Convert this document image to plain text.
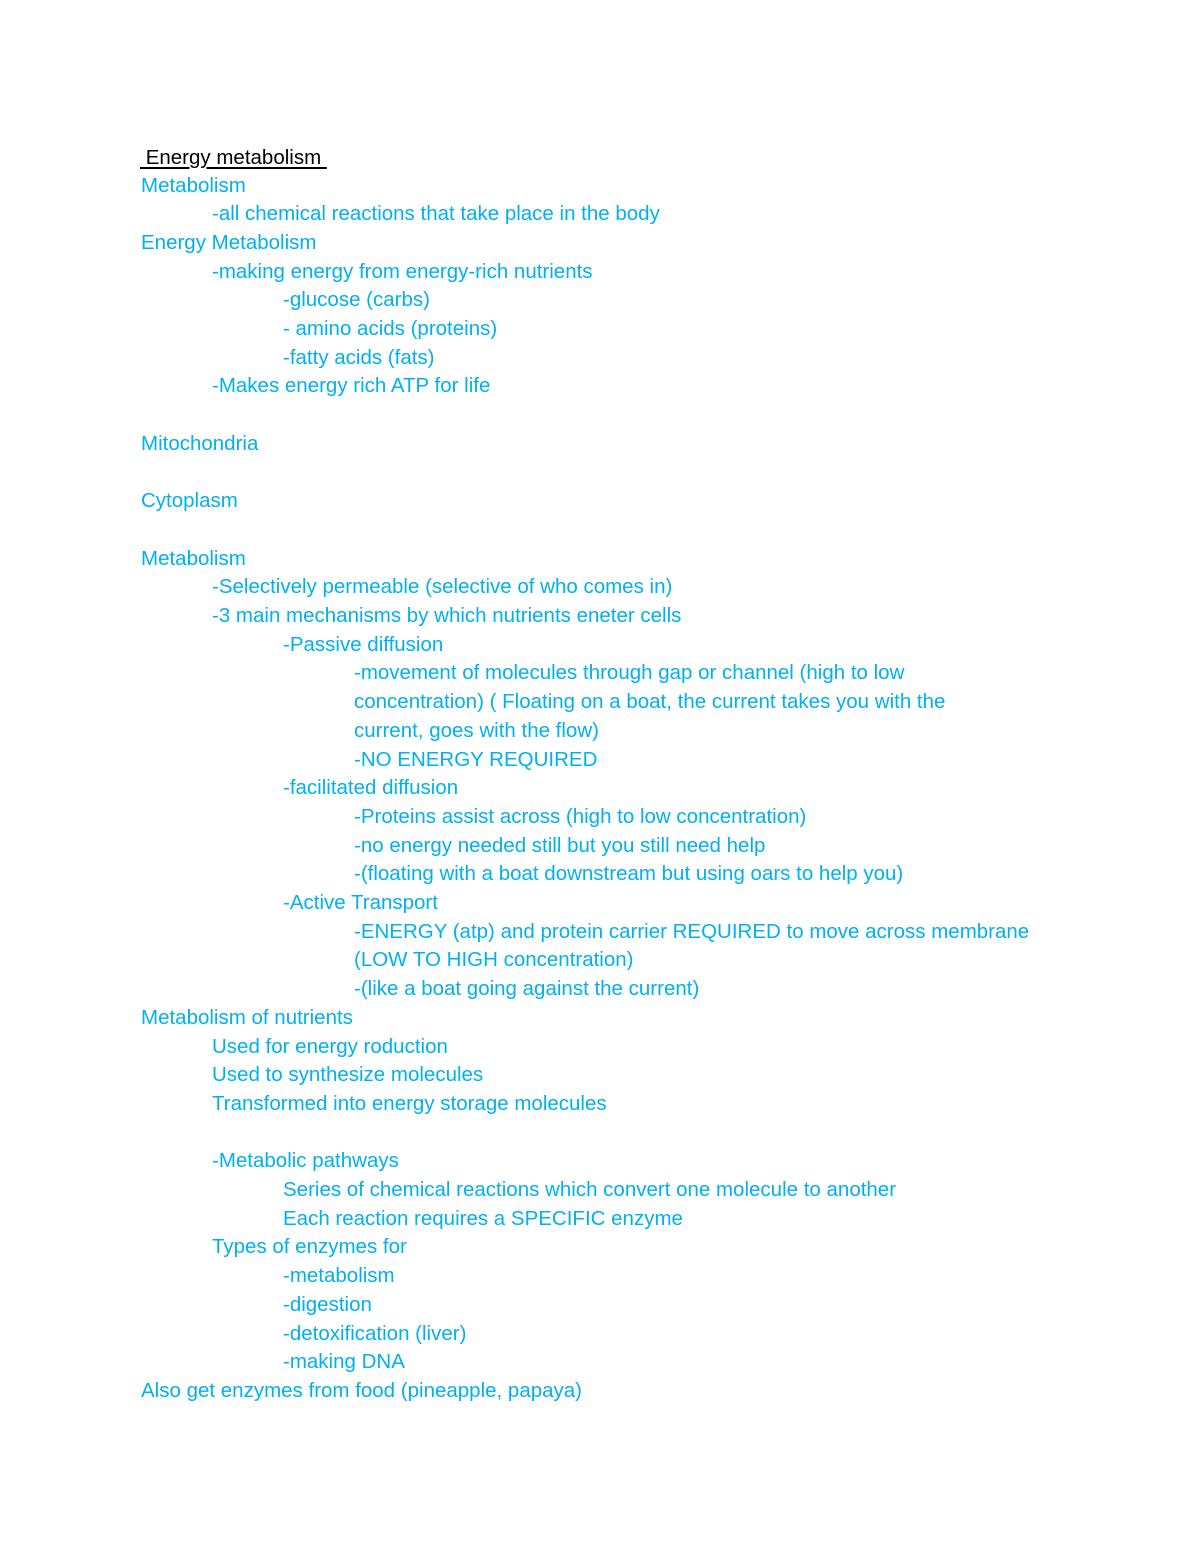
Energy metabolism
Metabolism
-all chemical reactions that take place in the body
Energy Metabolism
-making energy from energy-rich nutrients
-glucose (carbs)
- amino acids (proteins)
-fatty acids (fats)
-Makes energy rich ATP for life
Mitochondria
Cytoplasm
Metabolism
-Selectively permeable (selective of who comes in)
-3 main mechanisms by which nutrients eneter cells
-Passive diffusion
-movement of molecules through gap or channel (high to low
concentration) ( Floating on a boat, the current takes you with the
current, goes with the flow)
-NO ENERGY REQUIRED
-facilitated diffusion
-Proteins assist across (high to low concentration)
-no energy needed still but you still need help
-(floating with a boat downstream but using oars to help you)
-Active Transport
-ENERGY (atp) and protein carrier REQUIRED to move across membrane
(LOW TO HIGH concentration)
-(like a boat going against the current)
Metabolism of nutrients
Used for energy roduction
Used to synthesize molecules
Transformed into energy storage molecules
-Metabolic pathways
Series of chemical reactions which convert one molecule to another
Each reaction requires a SPECIFIC enzyme
Types of enzymes for
-metabolism
-digestion
-detoxification (liver)
-making DNA
Also get enzymes from food (pineapple, papaya)
